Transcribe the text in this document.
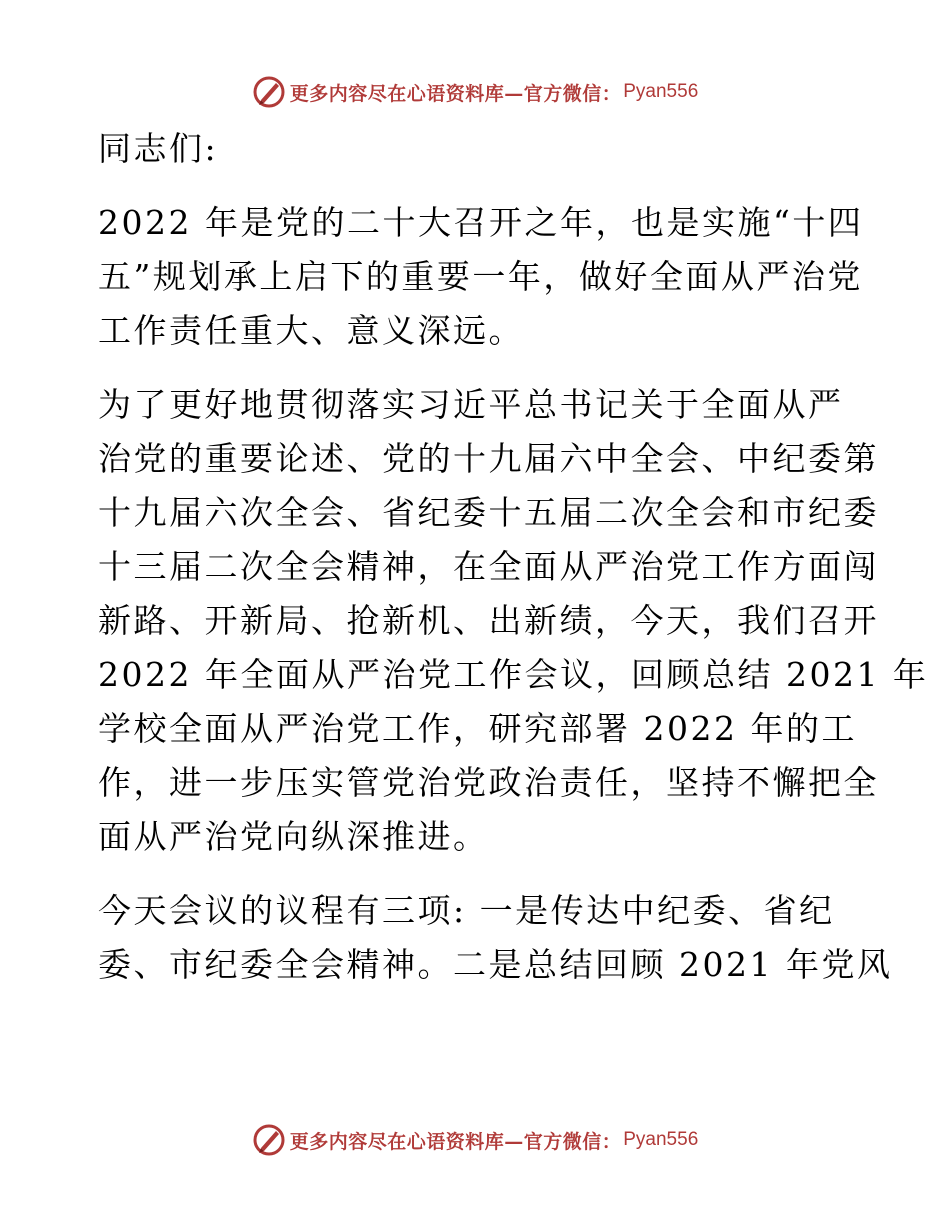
更多内容尽在心语资料库—官方微信： Pyan556
同志们:
2022 年是党的二十大召开之年，也是实施“十四
五”规划承上启下的重要一年，做好全面从严治党
工作责任重大、意义深远。
为了更好地贯彻落实习近平总书记关于全面从严
治党的重要论述、党的十九届六中全会、中纪委第
十九届六次全会、省纪委十五届二次全会和市纪委
十三届二次全会精神，在全面从严治党工作方面闯
新路、开新局、抢新机、出新绩，今天，我们召开
2022 年全面从严治党工作会议，回顾总结 2021 年
学校全面从严治党工作，研究部署 2022 年的工
作，进一步压实管党治党政治责任，坚持不懈把全
面从严治党向纵深推进。
今天会议的议程有三项: 一是传达中纪委、省纪
委、市纪委全会精神。二是总结回顾 2021 年党风
更多内容尽在心语资料库—官方微信： Pyan556
